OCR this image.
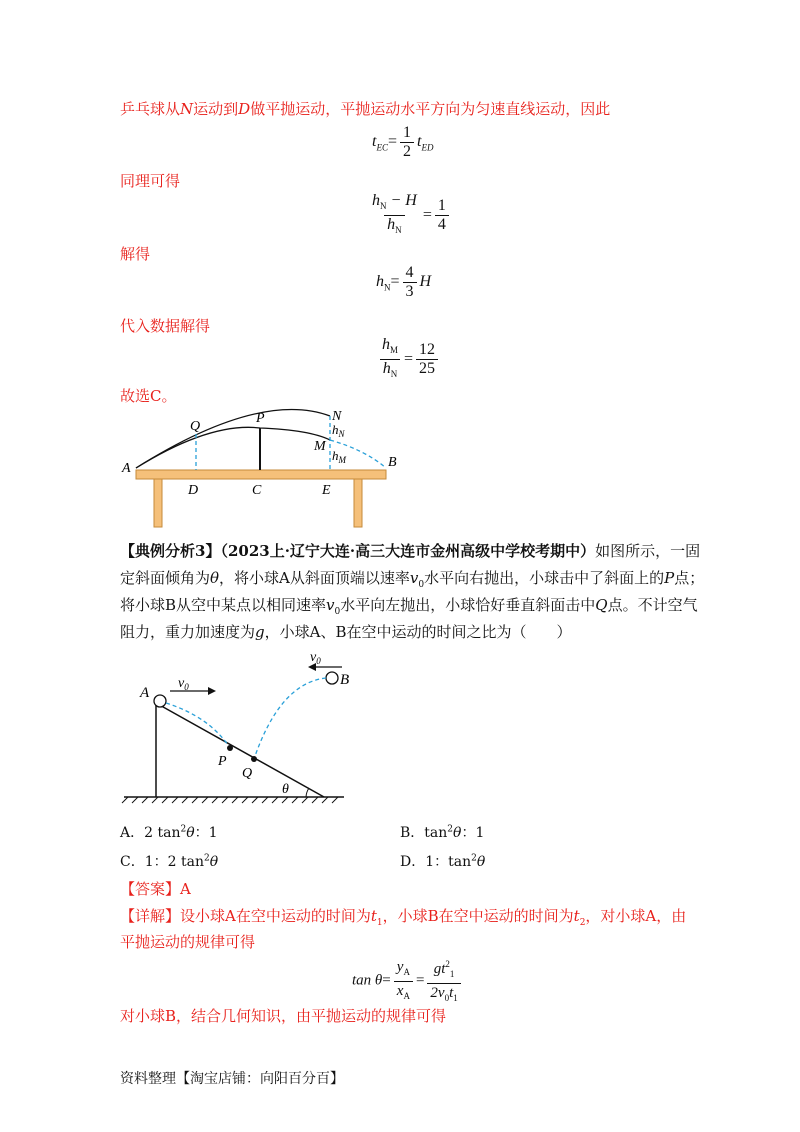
乒乓球从N运动到D做平抛运动，平抛运动水平方向为匀速直线运动，因此
$t_{EC}= \frac{1}{2} t_{ED}$
同理可得
$\frac{h_N - H}{h_N} = \frac{1}{4}$
解得
$h_N= \frac{4}{3}$ H
代入数据解得
$\frac{h_M}{h_N} = \frac{12}{25}$
故选C。
Q
P	N
M
$h_N$
$h_M$
A	B
D	C	E
【典例分析3】（2023上·辽宁大连·高三大连市金州高级中学校考期中）如图所示，一固
定斜面倾角为θ，将小球A从斜面顶端以速率$v_0$水平向右抛出，小球击中了斜面上的P点；
将小球B从空中某点以相同速率$v_0$水平向左抛出，小球恰好垂直斜面击中Q点。不计空气
阻力，重力加速度为g，小球A、B在空中运动的时间之比为（　　）
A
B
$v_0$
$v_0$
P
Q
θ
A．2 $\tan^2\theta$：1	B．$\tan^2\theta$：1
C．1：2 $\tan^2\theta$	D．1：$\tan^2\theta$
【答案】A
【详解】设小球A在空中运动的时间为$t_1$，小球B在空中运动的时间为$t_2$，对小球A，由
平抛运动的规律可得
$\tan \theta= \frac{y_A}{x_A} = \frac{gt^2_1}{2v_0t_1}$
对小球B，结合几何知识，由平抛运动的规律可得
资料整理【淘宝店铺：向阳百分百】
